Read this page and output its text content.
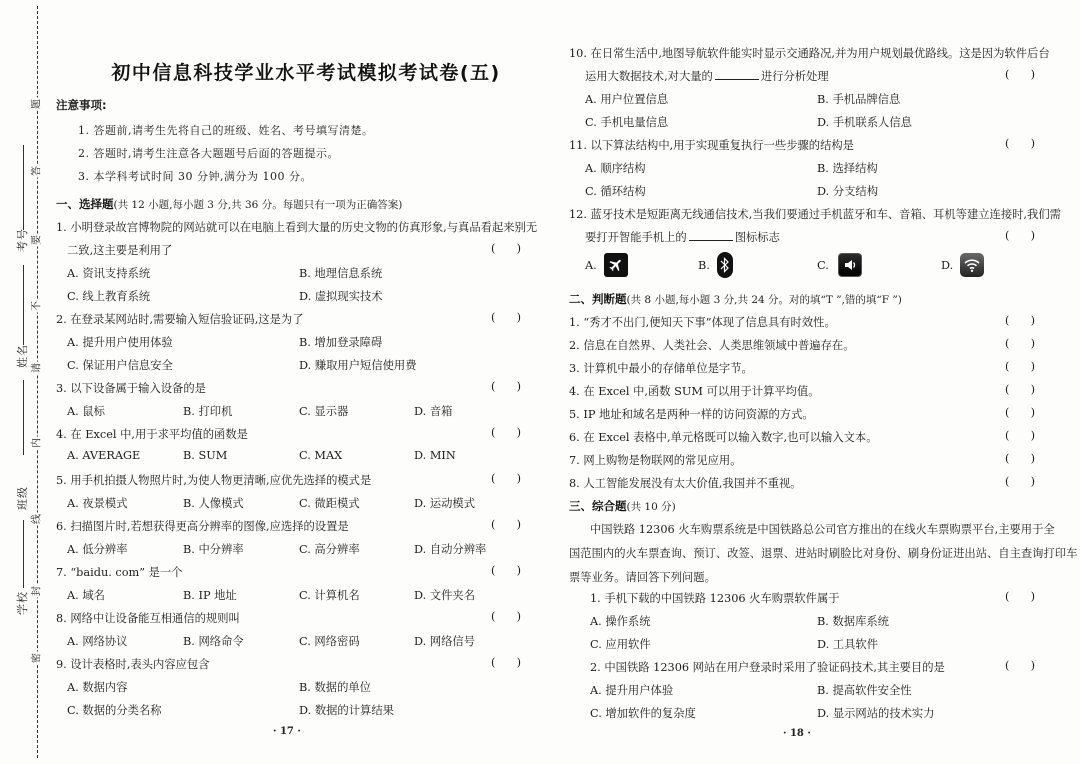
题
答
要
不
请
内
线
封
密
考号
姓名
班级
学校
初中信息科技学业水平考试模拟考试卷(五)
注意事项:
1. 答题前,请考生先将自己的班级、姓名、考号填写清楚。
2. 答题时,请考生注意各大题题号后面的答题提示。
3. 本学科考试时间 30 分钟,满分为 100 分。
一、选择题(共 12 小题,每小题 3 分,共 36 分。每题只有一项为正确答案)
1. 小明登录故宫博物院的网站就可以在电脑上看到大量的历史文物的仿真形象,与真品看起来别无
二致,这主要是利用了	( )
A. 资讯支持系统	B. 地理信息系统
C. 线上教育系统	D. 虚拟现实技术
2. 在登录某网站时,需要输入短信验证码,这是为了	( )
A. 提升用户使用体验	B. 增加登录障碍
C. 保证用户信息安全	D. 赚取用户短信使用费
3. 以下设备属于输入设备的是	( )
A. 鼠标	B. 打印机	C. 显示器	D. 音箱
4. 在 Excel 中,用于求平均值的函数是	( )
A. AVERAGE	B. SUM	C. MAX	D. MIN
5. 用手机拍摄人物照片时,为使人物更清晰,应优先选择的模式是	( )
A. 夜景模式	B. 人像模式	C. 微距模式	D. 运动模式
6. 扫描图片时,若想获得更高分辨率的图像,应选择的设置是	( )
A. 低分辨率	B. 中分辨率	C. 高分辨率	D. 自动分辨率
7. “baidu. com” 是一个	( )
A. 域名	B. IP 地址	C. 计算机名	D. 文件夹名
8. 网络中让设备能互相通信的规则叫	( )
A. 网络协议	B. 网络命令	C. 网络密码	D. 网络信号
9. 设计表格时,表头内容应包含	( )
A. 数据内容	B. 数据的单位
C. 数据的分类名称	D. 数据的计算结果
· 17 ·
10. 在日常生活中,地图导航软件能实时显示交通路况,并为用户规划最优路线。这是因为软件后台
运用大数据技术,对大量的	进行分析处理	( )
A. 用户位置信息	B. 手机品牌信息
C. 手机电量信息	D. 手机联系人信息
11. 以下算法结构中,用于实现重复执行一些步骤的结构是	( )
A. 顺序结构	B. 选择结构
C. 循环结构	D. 分支结构
12. 蓝牙技术是短距离无线通信技术,当我们要通过手机蓝牙和车、音箱、耳机等建立连接时,我们需
要打开智能手机上的	图标标志	( )
A.	B.	C.	D.
二、判断题(共 8 小题,每小题 3 分,共 24 分。对的填“T ”,错的填“F ”)
1. “秀才不出门,便知天下事”体现了信息具有时效性。	( )
2. 信息在自然界、人类社会、人类思维领域中普遍存在。	( )
3. 计算机中最小的存储单位是字节。	( )
4. 在 Excel 中,函数 SUM 可以用于计算平均值。	( )
5. IP 地址和域名是两种一样的访问资源的方式。	( )
6. 在 Excel 表格中,单元格既可以输入数字,也可以输入文本。	( )
7. 网上购物是物联网的常见应用。	( )
8. 人工智能发展没有太大价值,我国并不重视。	( )
三、综合题(共 10 分)
中国铁路 12306 火车购票系统是中国铁路总公司官方推出的在线火车票购票平台,主要用于全
国范围内的火车票查询、预订、改签、退票、进站时刷脸比对身份、刷身份证进出站、自主查询打印车
票等业务。请回答下列问题。
1. 手机下载的中国铁路 12306 火车购票软件属于	( )
A. 操作系统	B. 数据库系统
C. 应用软件	D. 工具软件
2. 中国铁路 12306 网站在用户登录时采用了验证码技术,其主要目的是	( )
A. 提升用户体验	B. 提高软件安全性
C. 增加软件的复杂度	D. 显示网站的技术实力
· 18 ·
